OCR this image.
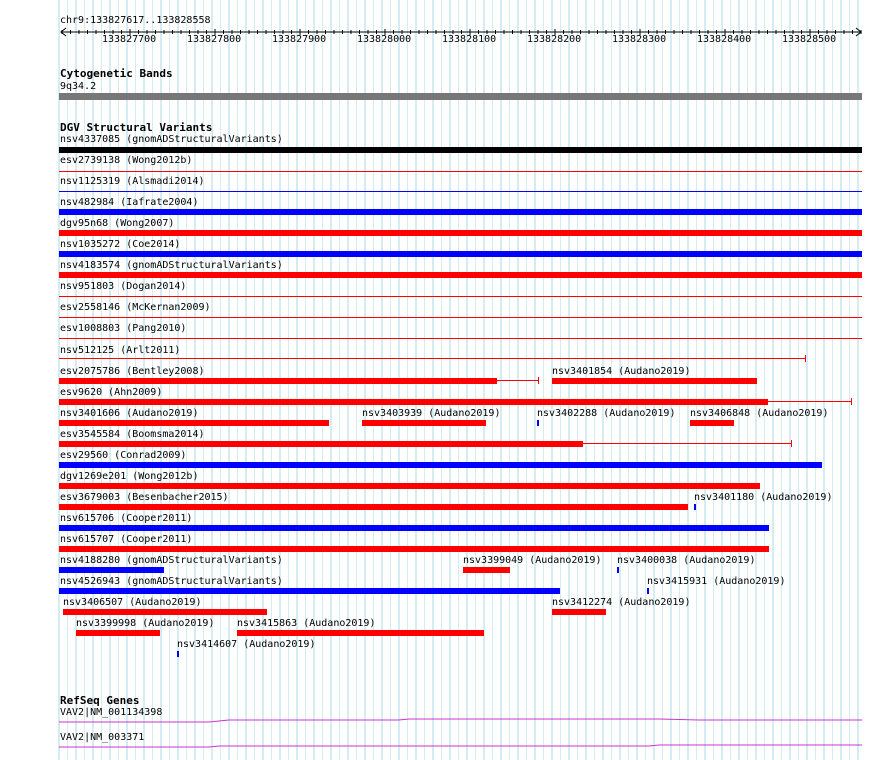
chr9:133827617..133828558
133827700	133827800	133827900	133828000	133828100	133828200	133828300	133828400	133828500
Cytogenetic Bands
9q34.2
DGV Structural Variants
nsv4337085 (gnomADStructuralVariants)
esv2739138 (Wong2012b)
nsv1125319 (Alsmadi2014)
nsv482984 (Iafrate2004)
dgv95n68 (Wong2007)
nsv1035272 (Coe2014)
nsv4183574 (gnomADStructuralVariants)
nsv951803 (Dogan2014)
esv2558146 (McKernan2009)
esv1008803 (Pang2010)
nsv512125 (Arlt2011)
esv2075786 (Bentley2008)	nsv3401854 (Audano2019)
esv9620 (Ahn2009)
nsv3401606 (Audano2019)	nsv3403939 (Audano2019)	nsv3402288 (Audano2019) nsv3406848 (Audano2019)
esv3545584 (Boomsma2014)
esv29560 (Conrad2009)
dgv1269e201 (Wong2012b)
esv3679003 (Besenbacher2015)	nsv3401180 (Audano2019)
nsv615706 (Cooper2011)
nsv615707 (Cooper2011)
nsv4188280 (gnomADStructuralVariants)	nsv3399049 (Audano2019) nsv3400038 (Audano2019)
nsv4526943 (gnomADStructuralVariants)	nsv3415931 (Audano2019)
nsv3406507 (Audano2019)	nsv3412274 (Audano2019)
nsv3399998 (Audano2019) nsv3415863 (Audano2019)
nsv3414607 (Audano2019)
RefSeq Genes
VAV2|NM_001134398
VAV2|NM_003371
